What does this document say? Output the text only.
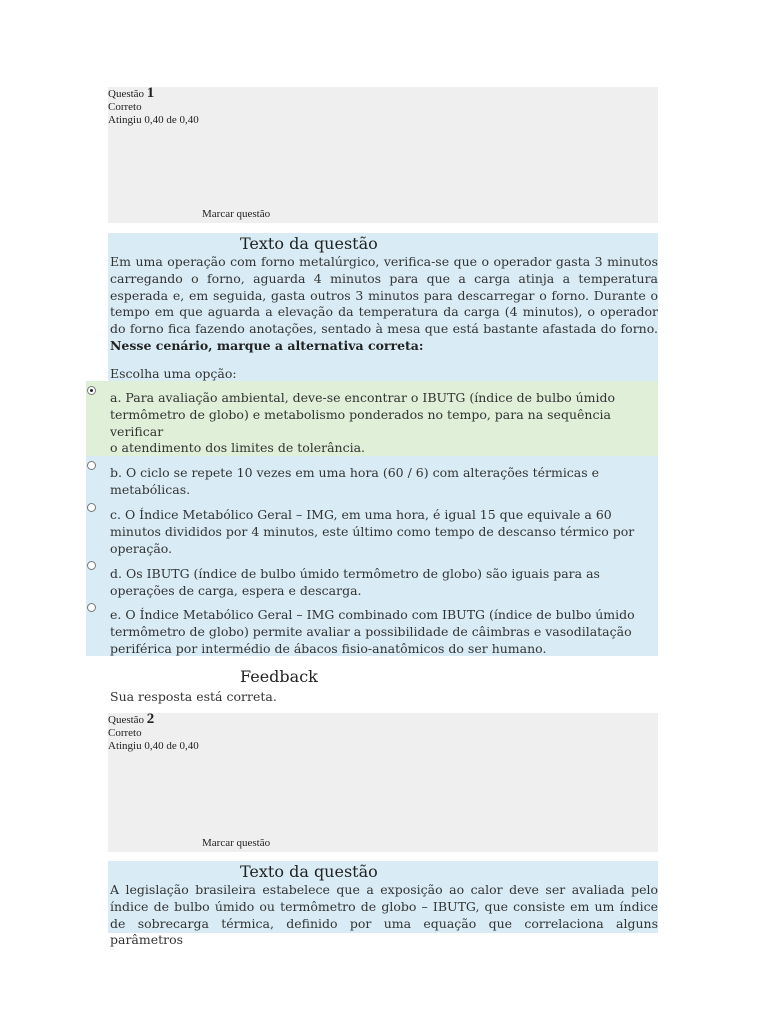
Questão 1
Correto
Atingiu 0,40 de 0,40
Marcar questão
Texto da questão
Em uma operação com forno metalúrgico, verifica-se que o operador gasta 3 minutos carregando o forno, aguarda 4 minutos para que a carga atinja a temperatura esperada e, em seguida, gasta outros 3 minutos para descarregar o forno. Durante o tempo em que aguarda a elevação da temperatura da carga (4 minutos), o operador do forno fica fazendo anotações, sentado à mesa que está bastante afastada do forno. Nesse cenário, marque a alternativa correta:
Escolha uma opção:
a. Para avaliação ambiental, deve-se encontrar o IBUTG (índice de bulbo úmido termômetro de globo) e metabolismo ponderados no tempo, para na sequência verificar
o atendimento dos limites de tolerância.
b. O ciclo se repete 10 vezes em uma hora (60 / 6) com alterações térmicas e metabólicas.
c. O Índice Metabólico Geral – IMG, em uma hora, é igual 15 que equivale a 60 minutos divididos por 4 minutos, este último como tempo de descanso térmico por operação.
d. Os IBUTG (índice de bulbo úmido termômetro de globo) são iguais para as operações de carga, espera e descarga.
e. O Índice Metabólico Geral – IMG combinado com IBUTG (índice de bulbo úmido termômetro de globo) permite avaliar a possibilidade de câimbras e vasodilatação periférica por intermédio de ábacos fisio-anatômicos do ser humano.
Feedback
Sua resposta está correta.
Questão 2
Correto
Atingiu 0,40 de 0,40
Marcar questão
Texto da questão
A legislação brasileira estabelece que a exposição ao calor deve ser avaliada pelo índice de bulbo úmido ou termômetro de globo – IBUTG, que consiste em um índice de sobrecarga térmica, definido por uma equação que correlaciona alguns parâmetros
